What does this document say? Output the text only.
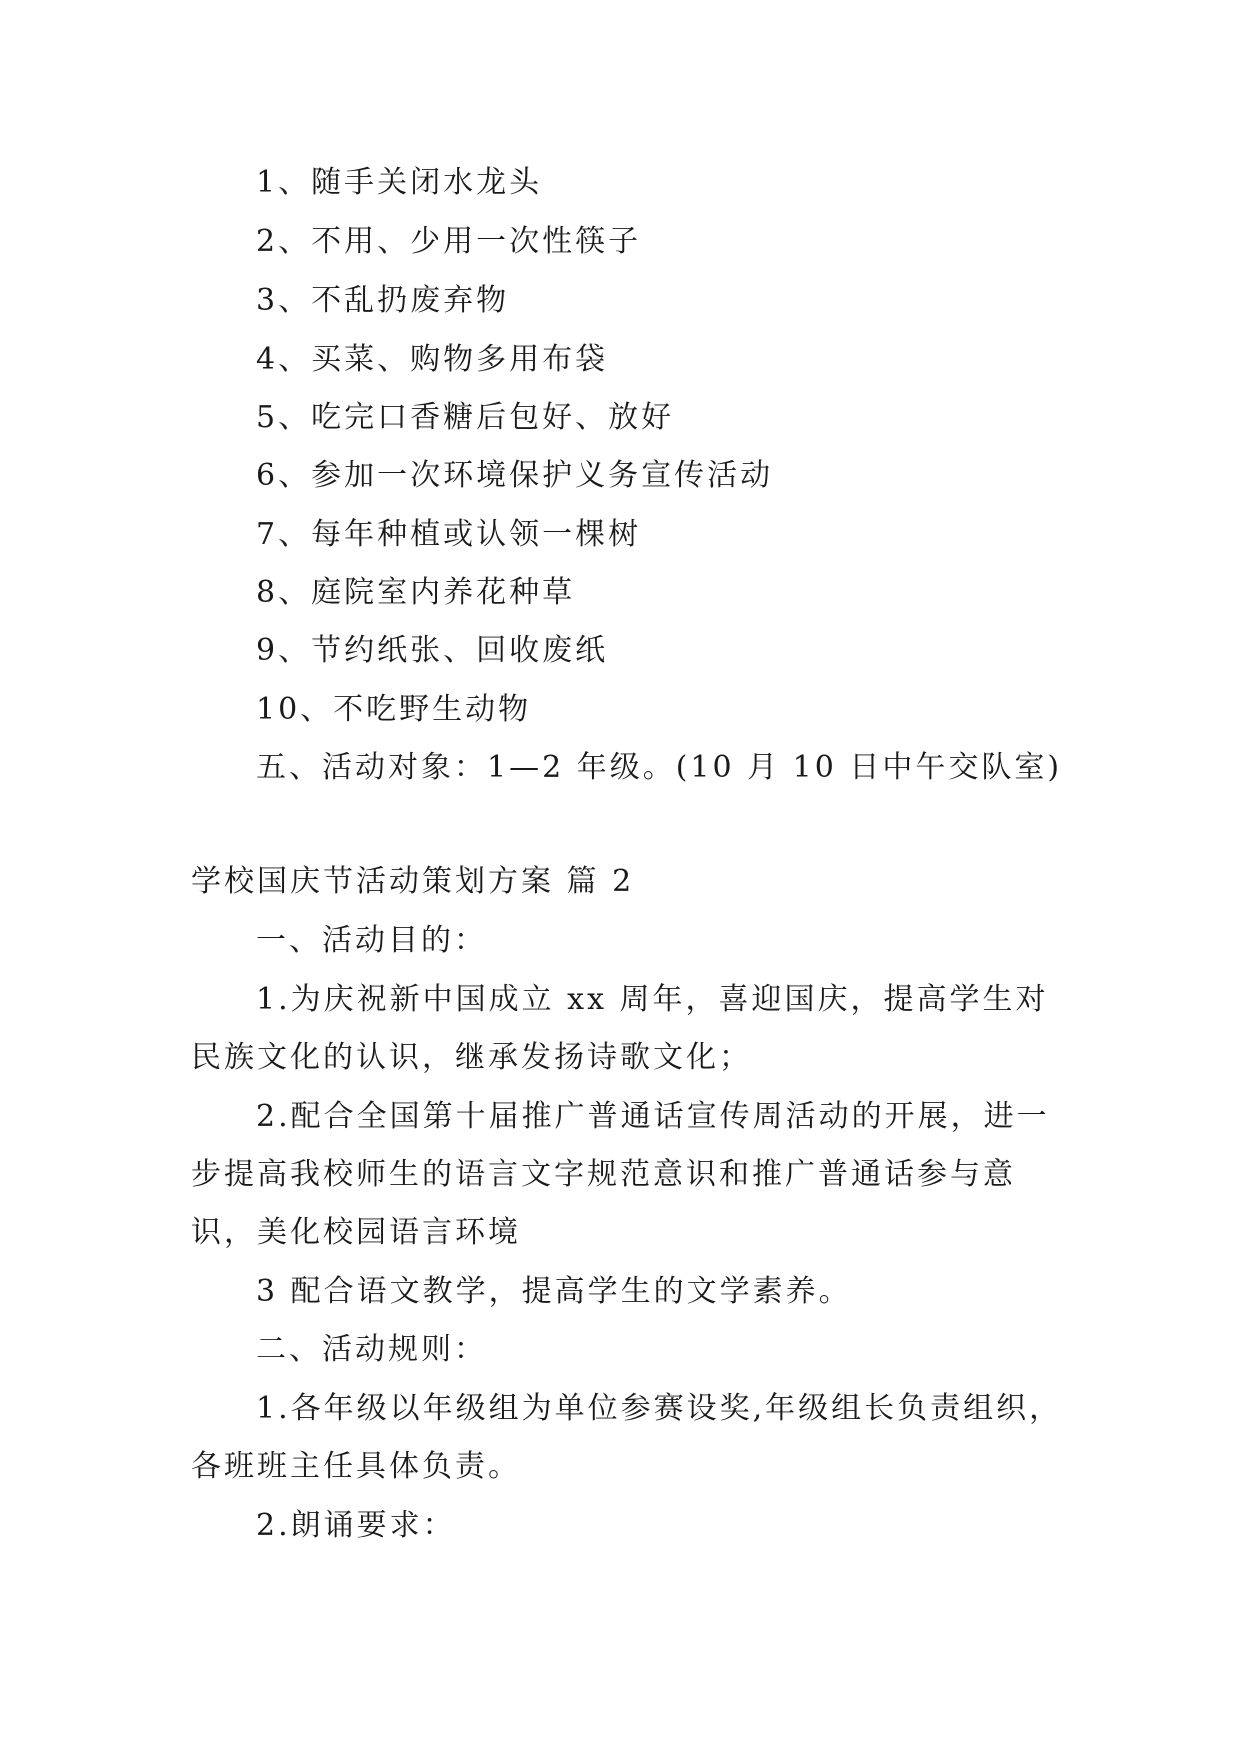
1、随手关闭水龙头

2、不用、少用一次性筷子

3、不乱扔废弃物

4、买菜、购物多用布袋

5、吃完口香糖后包好、放好

6、参加一次环境保护义务宣传活动

7、每年种植或认领一棵树

8、庭院室内养花种草

9、节约纸张、回收废纸

10、不吃野生动物

五、活动对象：1—2 年级。(10 月 10 日中午交队室)

学校国庆节活动策划方案 篇 2

一、活动目的：

1.为庆祝新中国成立 xx 周年，喜迎国庆，提高学生对

民族文化的认识，继承发扬诗歌文化；

2.配合全国第十届推广普通话宣传周活动的开展，进一

步提高我校师生的语言文字规范意识和推广普通话参与意

识，美化校园语言环境

3 配合语文教学，提高学生的文学素养。

二、活动规则：

1.各年级以年级组为单位参赛设奖,年级组长负责组织，

各班班主任具体负责。

2.朗诵要求：
